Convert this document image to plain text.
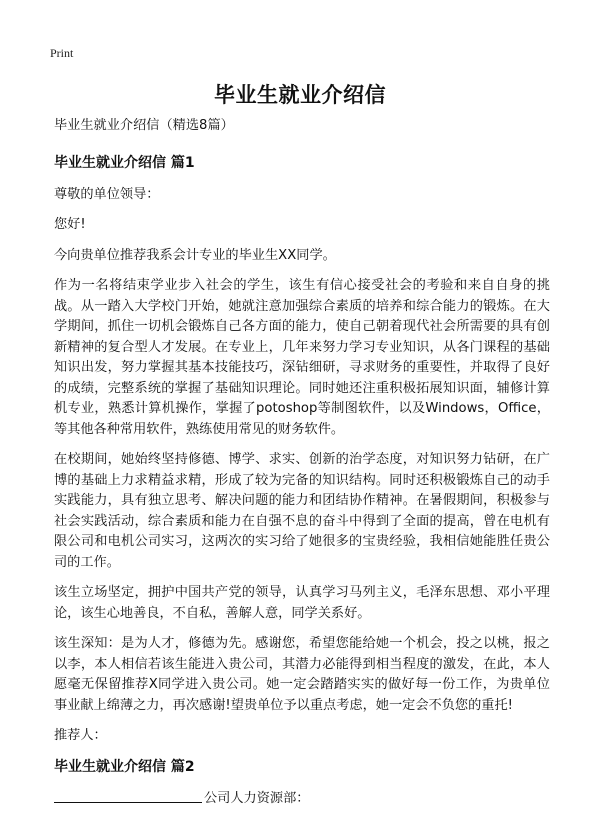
Print
毕业生就业介绍信

毕业生就业介绍信（精选8篇）

毕业生就业介绍信 篇1

尊敬的单位领导：

您好!

今向贵单位推荐我系会计专业的毕业生XX同学。

作为一名将结束学业步入社会的学生，该生有信心接受社会的考验和来自自身的挑战。从一踏入大学校门开始，她就注意加强综合素质的培养和综合能力的锻炼。在大学期间，抓住一切机会锻炼自己各方面的能力，使自己朝着现代社会所需要的具有创新精神的复合型人才发展。在专业上，几年来努力学习专业知识，从各门课程的基础知识出发，努力掌握其基本技能技巧，深钻细研，寻求财务的重要性，并取得了良好的成绩，完整系统的掌握了基础知识理论。同时她还注重积极拓展知识面，辅修计算机专业，熟悉计算机操作，掌握了potoshop等制图软件，以及Windows，Office，等其他各种常用软件，熟练使用常见的财务软件。

在校期间，她始终坚持修德、博学、求实、创新的治学态度，对知识努力钻研，在广博的基础上力求精益求精，形成了较为完备的知识结构。同时还积极锻炼自己的动手实践能力，具有独立思考、解决问题的能力和团结协作精神。在暑假期间，积极参与社会实践活动，综合素质和能力在自强不息的奋斗中得到了全面的提高，曾在电机有限公司和电机公司实习，这两次的实习给了她很多的宝贵经验，我相信她能胜任贵公司的工作。

该生立场坚定，拥护中国共产党的领导，认真学习马列主义，毛泽东思想、邓小平理论，该生心地善良，不自私，善解人意，同学关系好。

该生深知：是为人才，修德为先。感谢您，希望您能给她一个机会，投之以桃，报之以李，本人相信若该生能进入贵公司，其潜力必能得到相当程度的激发，在此，本人愿毫无保留推荐X同学进入贵公司。她一定会踏踏实实的做好每一份工作，为贵单位事业献上绵薄之力，再次感谢!望贵单位予以重点考虑，她一定会不负您的重托!

推荐人：

毕业生就业介绍信 篇2

公司人力资源部：
